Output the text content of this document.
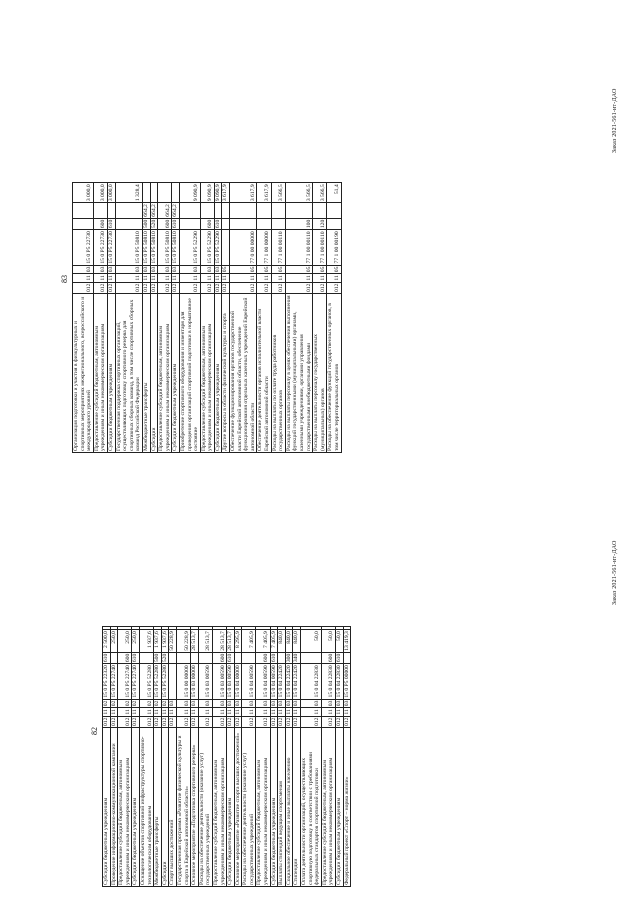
82
Субсидии бюджетным учреждениям	012	11	02	15 0 Р5 22320	610	2 500,0	
Проведение информационно-коммуникационной кампании	012	11	02	15 0 Р5 22740		250,0	
Предоставление субсидий бюджетным, автономным учреждениям и иным некоммерческим организациям	012	11	02	15 0 Р5 22740	600	250,0	
Субсидии бюджетным учреждениям	012	11	02	15 0 Р5 22740	610	250,0	
Оснащение объектов спортивной инфраструктуры спортивно-технологическим оборудованием	012	11	02	15 0 Р5 52280		1 937,6	
Межбюджетные трансферты	012	11	02	15 0 Р5 52280	500	1 937,6	
Субсидии	012	11	02	15 0 Р5 52280	520	1 937,6	
Спорт высших достижений	012	11	03			50 228,9	
Государственная программа «Развитие физической культуры и спорта в Еврейской автономной области»	012	11	03	15 0 00 00000		50 228,9	
Основное мероприятие «Подготовка спортивного резерва»	012	11	03	15 0 03 00000		28 513,7	
Расходы на обеспечение деятельности (оказание услуг) государственных учреждений	012	11	03	15 0 03 00590		28 513,7	
Предоставление субсидий бюджетным, автономным учреждениям и иным некоммерческим организациям	012	11	03	15 0 03 00590	600	28 513,7	
Субсидии бюджетным учреждениям	012	11	03	15 0 03 00590	610	28 513,7	
Основное мероприятие «Развитие спорта высших достижений»	012	11	03	15 0 04 00000		8 295,9	
Расходы на обеспечение деятельности (оказание услуг) государственных учреждений	012	11	03	15 0 04 00590		7 405,9	
Предоставление субсидий бюджетным, автономным учреждениям и иным некоммерческим организациям	012	11	03	15 0 04 00590	600	7 405,9	
Субсидии бюджетным учреждениям	012	11	03	15 0 04 00590	610	7 405,9	
Выплаты стипендий ведущим спортсменам	012	11	03	15 0 04 22420		840,0	
Социальное обеспечение и иные выплаты населению	012	11	03	15 0 04 22420	300	840,0	
Стипендии	012	11	03	15 0 04 22420	340	840,0	
Оплата деятельности организаций, осуществляющих спортивную подготовку в соответствии с требованиями федеральных стандартов спортивной подготовки	012	11	03	15 0 04 22830		50,0	
Предоставление субсидий бюджетным, автономным учреждениям и иным некоммерческим организациям	012	11	03	15 0 04 22830	600	50,0	
Субсидии бюджетным учреждениям	012	11	03	15 0 04 22830	610	50,0	
Федеральный проект «Спорт – норма жизни»	012	11	03	15 0 Р5 00000		13 419,3	
Заказ 2021-561-ит-ДАО
83
Организация подготовки и участия в физкультурных и спортивных мероприятиях межрегионального, всероссийского и международного уровней	012	11	03	15 0 Р5 22730			3 000,0
Предоставление субсидий бюджетным, автономным учреждениям и иным некоммерческим организациям	012	11	03	15 0 Р5 22730	600		3 000,0
Субсидии бюджетным учреждениям	012	11	03	15 0 Р5 22730	610		3 000,0
Государственная поддержка спортивных организаций, осуществляющих подготовку спортивного резерва для спортивных сборных команд, в том числе спортивных сборных команд Российской Федерации	012	11	03	15 0 Р5 50810			1 328,4
Межбюджетные трансферты	012	11	03	15 0 Р5 50810	500	664,2	
Субсидии	012	11	03	15 0 Р5 50810	520	664,2	
Предоставление субсидий бюджетным, автономным учреждениям и иным некоммерческим организациям	012	11	03	15 0 Р5 50810	600	664,2	
Субсидии бюджетным учреждениям	012	11	03	15 0 Р5 50810	610	664,2	
Приобретение спортивного оборудования и инвентаря для приведения организаций спортивной подготовки в нормативное состояние	012	11	03	15 0 Р5 52290			9 090,9
Предоставление субсидий бюджетным, автономным учреждениям и иным некоммерческим организациям	012	11	03	15 0 Р5 52290	600		9 090,9
Субсидии бюджетным учреждениям	012	11	03	15 0 Р5 52290	610		9 090,9
Другие вопросы в области физической культуры и спорта	012	11	05				3 617,9
Обеспечение функционирования органов государственной власти Еврейской автономной области, обеспечение функционирования отдельных казенных учреждений Еврейской автономной области	012	11	05	77 0 00 00000			3 617,9
Обеспечение деятельности органов исполнительной власти Еврейской автономной области	012	11	05	77 1 00 00000			3 617,9
Расходы на выплаты по оплате труда работников государственных органов	012	11	05	77 1 00 00110			3 566,5
Расходы на выплаты персоналу в целях обеспечения выполнения функций государственными (муниципальными) органами, казенными учреждениями, органами управления государственными внебюджетными фондами	012	11	05	77 1 00 00110	100		3 566,5
Расходы на выплаты персоналу государственных (муниципальных) органов	012	11	05	77 1 00 00110	120		3 566,5
Расходы на обеспечение функций государственных органов, в том числе территориальных органов	012	11	05	77 1 00 00190			51,4
Заказ 2021-561-ит-ДАО
